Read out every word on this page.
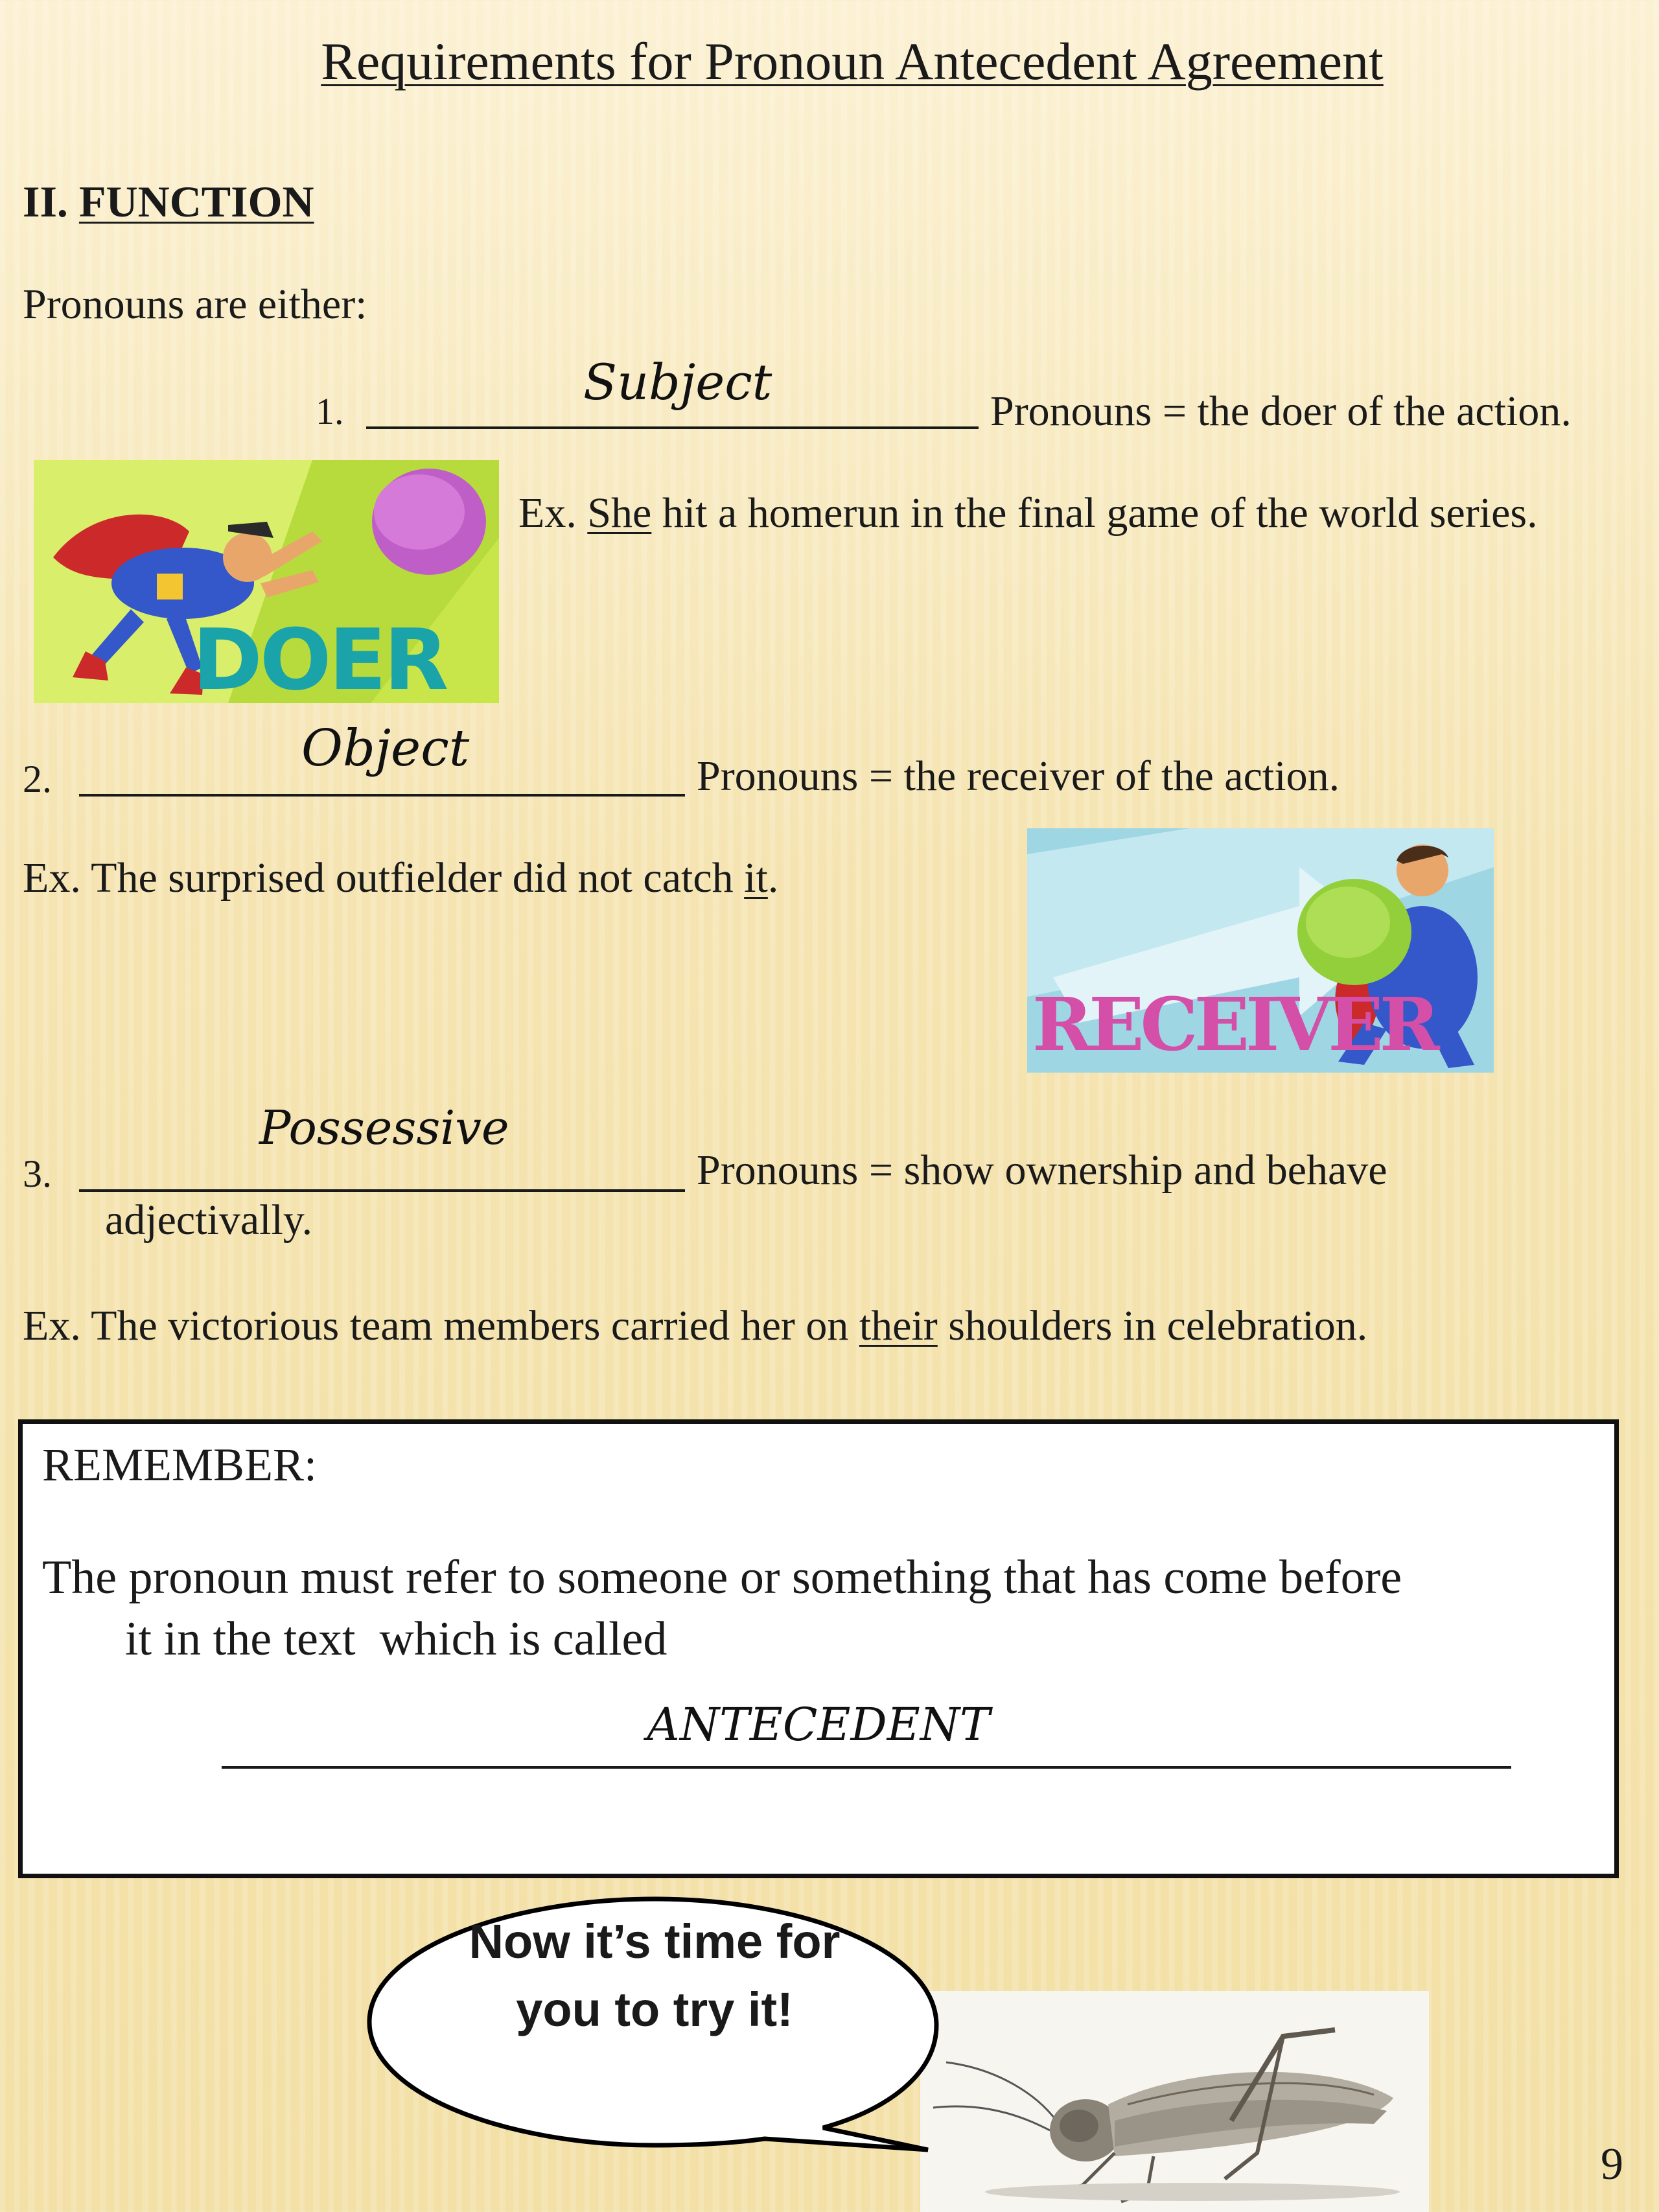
Requirements for Pronoun Antecedent Agreement
II. FUNCTION
Pronouns are either:
1.
Subject
Pronouns = the doer of the action.
DOER
Ex. She hit a homerun in the final game of the world series.
2.
Object	Pronouns = the receiver of the action.
Ex. The surprised outfielder did not catch it.
RECEIVER
3.
Possessive
Pronouns = show ownership and behave
adjectivally.
Ex. The victorious team members carried her on their shoulders in celebration.
REMEMBER:
The pronoun must refer to someone or something that has come before
it in the text  which is called
ANTECEDENT
Now it’s time for
you to try it!
9
